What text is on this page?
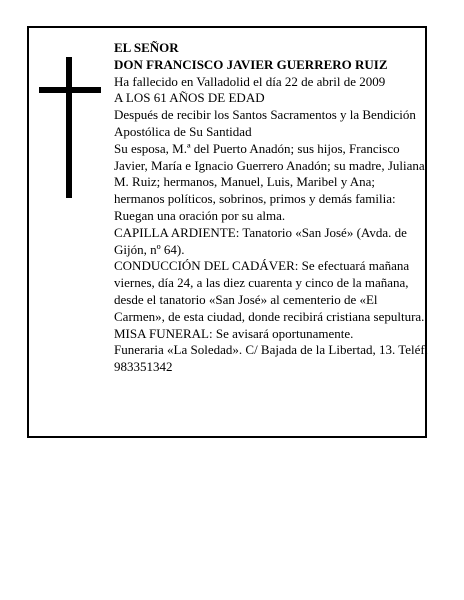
EL SEÑOR

DON FRANCISCO JAVIER GUERRERO RUIZ

Ha fallecido en Valladolid el día 22 de abril de 2009

A LOS 61 AÑOS DE EDAD

Después de recibir los Santos Sacramentos y la Bendición Apostólica de Su Santidad

Su esposa, M.ª del Puerto Anadón; sus hijos, Francisco Javier, María e Ignacio Guerrero Anadón; su madre, Juliana M. Ruiz; hermanos, Manuel, Luis, Maribel y Ana; hermanos políticos, sobrinos, primos y demás familia:

Ruegan una oración por su alma.

CAPILLA ARDIENTE: Tanatorio «San José» (Avda. de Gijón, nº 64).

CONDUCCIÓN DEL CADÁVER: Se efectuará mañana viernes, día 24, a las diez cuarenta y cinco de la mañana, desde el tanatorio «San José» al cementerio de «El Carmen», de esta ciudad, donde recibirá cristiana sepultura.

MISA FUNERAL: Se avisará oportunamente.

Funeraria «La Soledad». C/ Bajada de la Libertad, 13. Teléf. 983351342
